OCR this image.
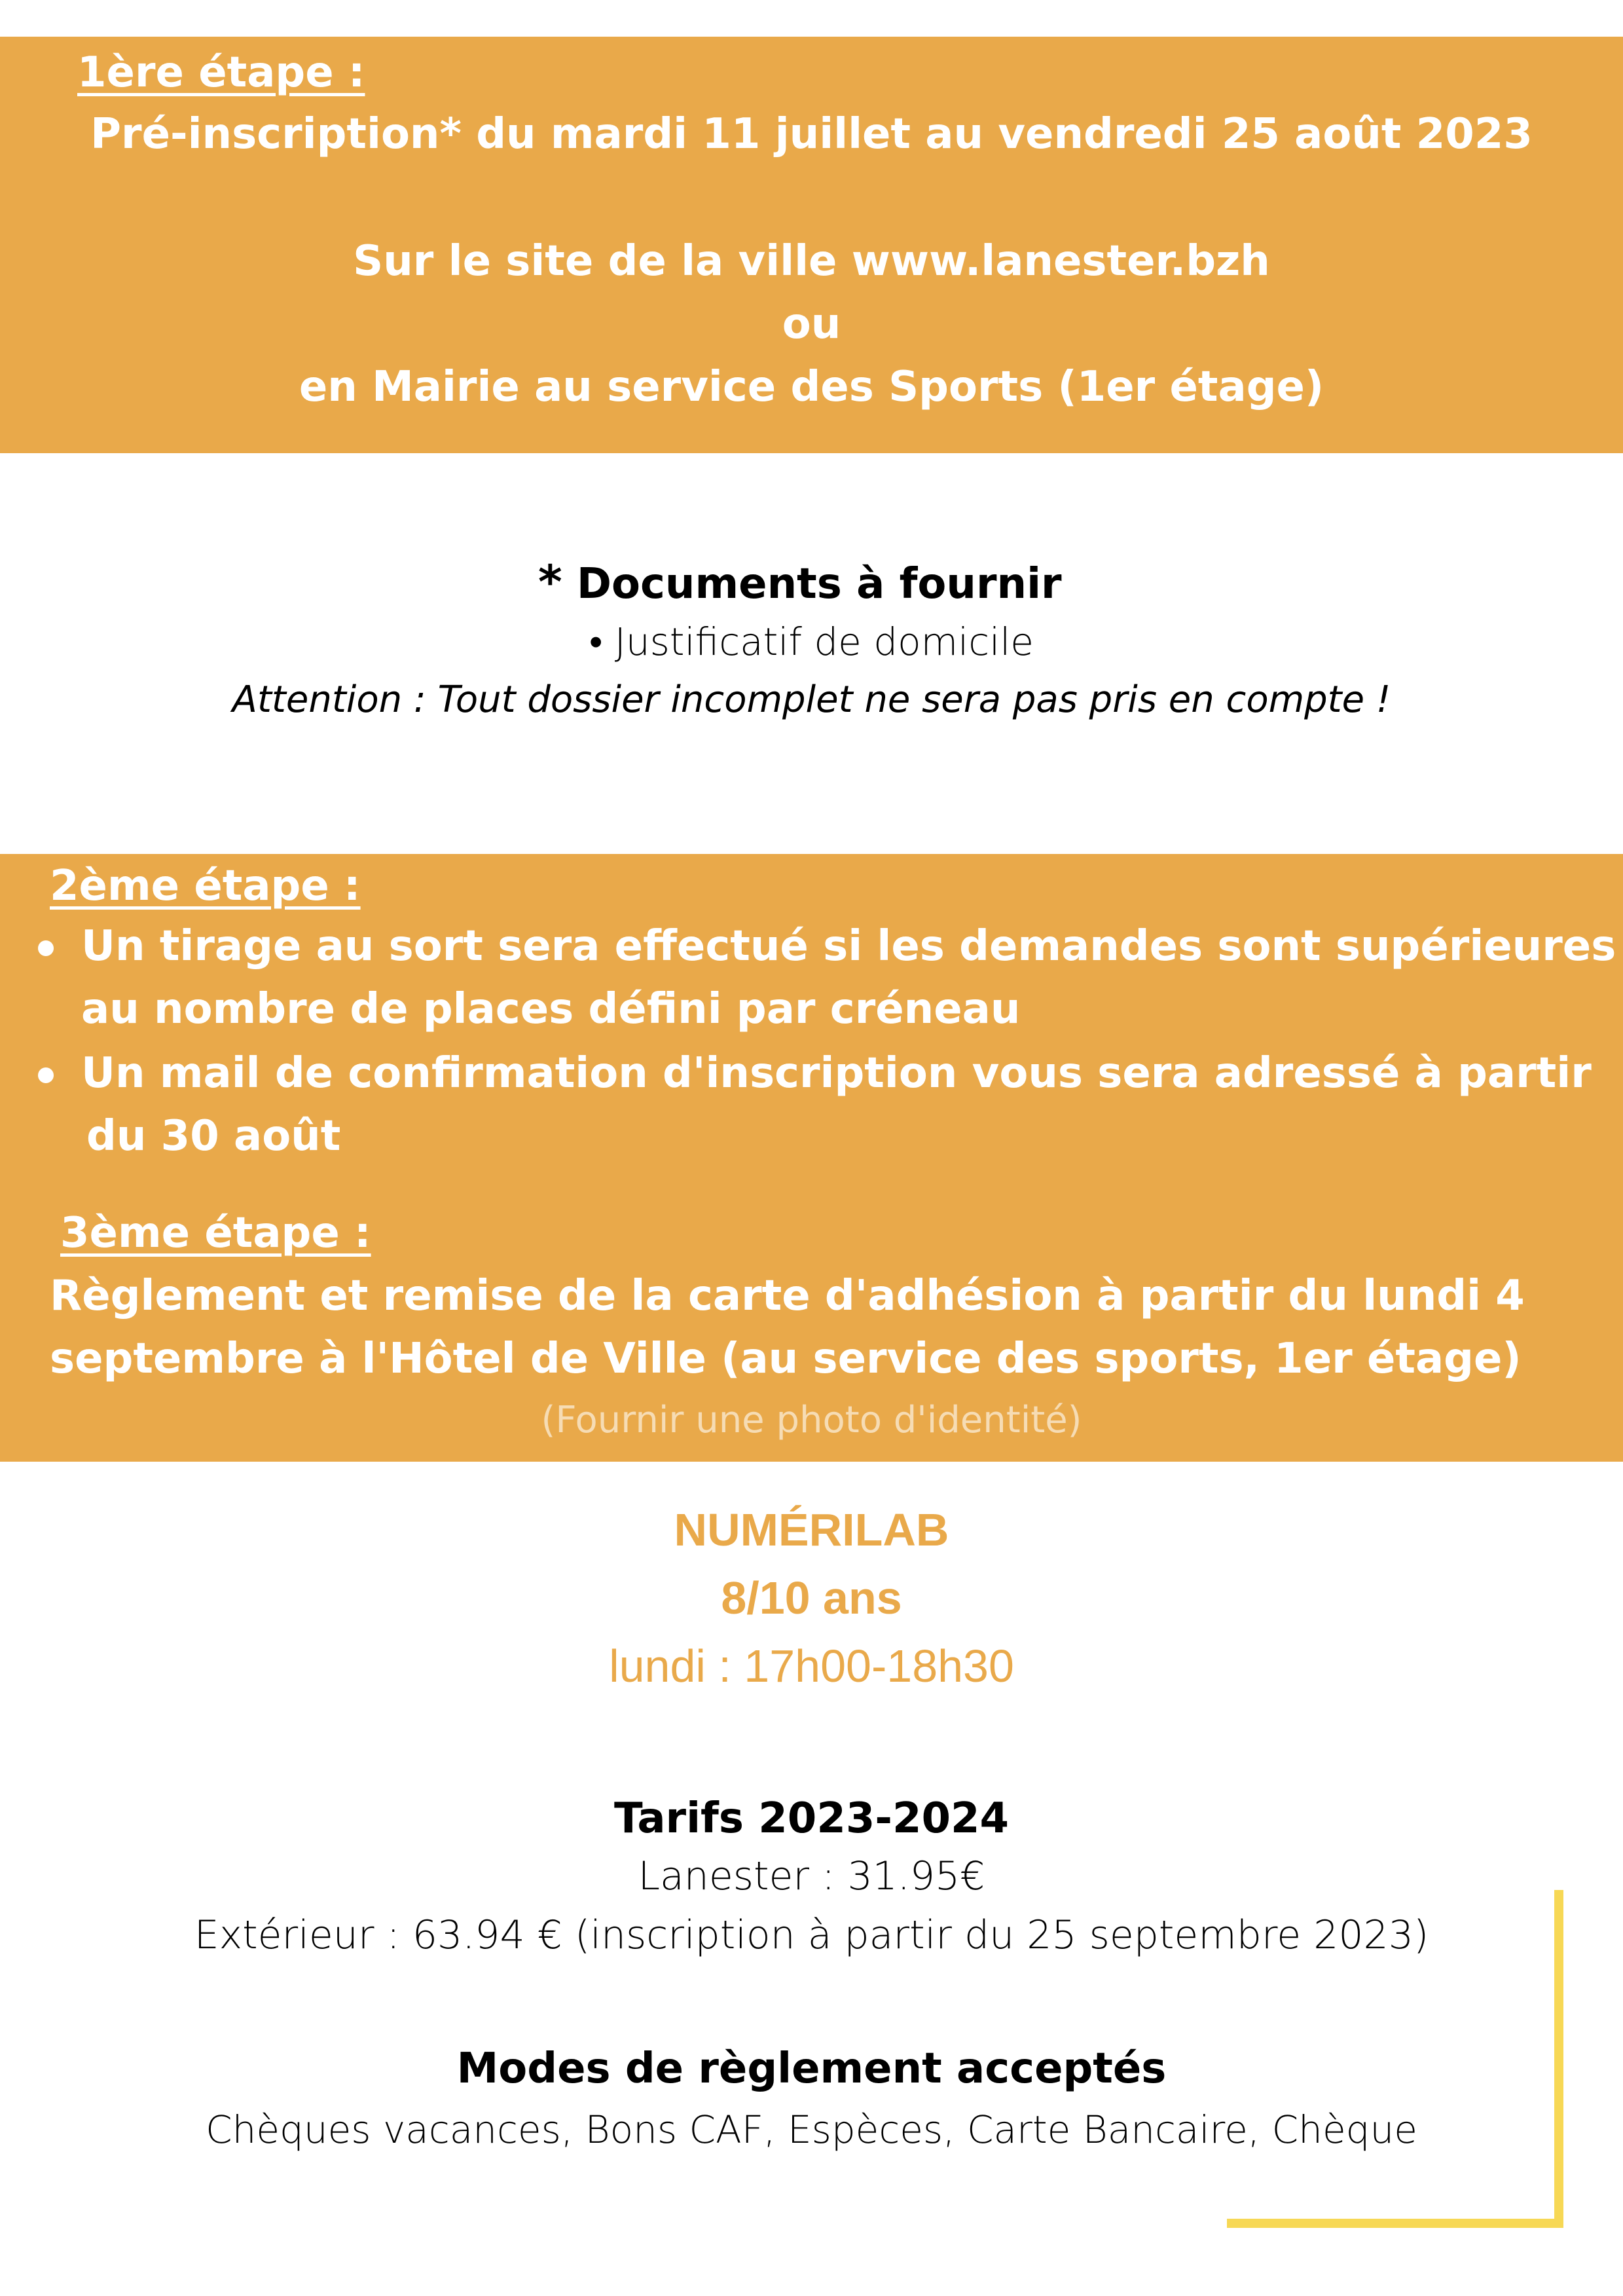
1ère étape :
Pré-inscription* du mardi 11 juillet au vendredi 25 août 2023
Sur le site de la ville www.lanester.bzh
ou
en Mairie au service des Sports (1er étage)
* Documents à fournir
• Justificatif de domicile
Attention : Tout dossier incomplet ne sera pas pris en compte !
2ème étape :
Un tirage au sort sera effectué si les demandes sont supérieures
au nombre de places défini par créneau
Un mail de confirmation d'inscription vous sera adressé à partir
du 30 août
3ème étape :
Règlement et remise de la carte d'adhésion à partir du lundi 4
septembre à l'Hôtel de Ville (au service des sports, 1er étage)
(Fournir une photo d'identité)
NUMÉRILAB
8/10 ans
lundi : 17h00-18h30
Tarifs 2023-2024
Lanester : 31.95€
Extérieur : 63.94 € (inscription à partir du 25 septembre 2023)
Modes de règlement acceptés
Chèques vacances, Bons CAF, Espèces, Carte Bancaire, Chèque
